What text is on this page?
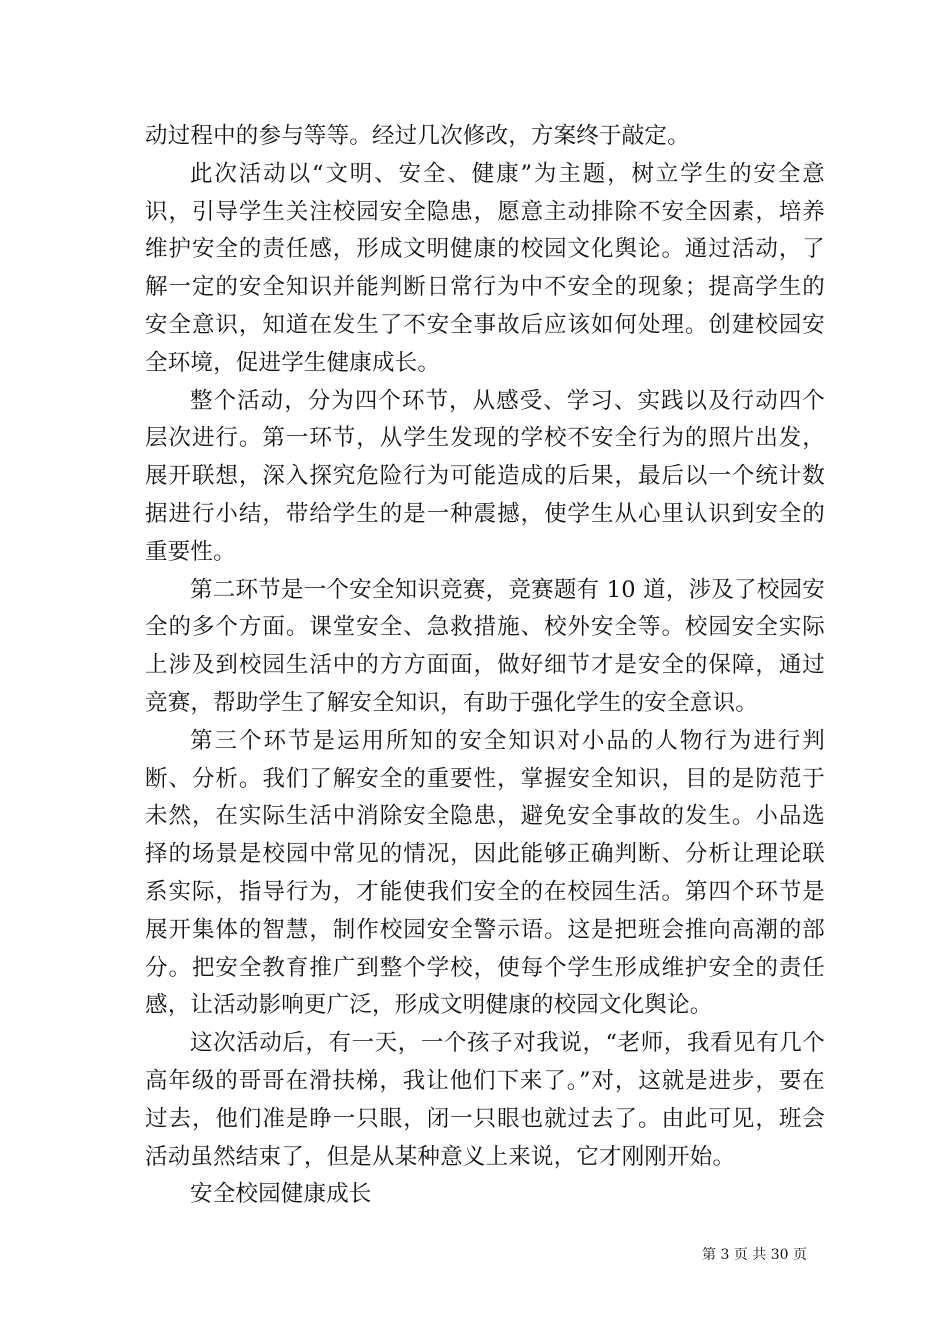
动过程中的参与等等。经过几次修改，方案终于敲定。

此次活动以“文明、安全、健康”为主题，树立学生的安全意识，引导学生关注校园安全隐患，愿意主动排除不安全因素，培养维护安全的责任感，形成文明健康的校园文化舆论。通过活动，了解一定的安全知识并能判断日常行为中不安全的现象；提高学生的安全意识，知道在发生了不安全事故后应该如何处理。创建校园安全环境，促进学生健康成长。

整个活动，分为四个环节，从感受、学习、实践以及行动四个层次进行。第一环节，从学生发现的学校不安全行为的照片出发，展开联想，深入探究危险行为可能造成的后果，最后以一个统计数据进行小结，带给学生的是一种震撼，使学生从心里认识到安全的重要性。

第二环节是一个安全知识竞赛，竞赛题有 10 道，涉及了校园安全的多个方面。课堂安全、急救措施、校外安全等。校园安全实际上涉及到校园生活中的方方面面，做好细节才是安全的保障，通过竞赛，帮助学生了解安全知识，有助于强化学生的安全意识。

第三个环节是运用所知的安全知识对小品的人物行为进行判断、分析。我们了解安全的重要性，掌握安全知识，目的是防范于未然，在实际生活中消除安全隐患，避免安全事故的发生。小品选择的场景是校园中常见的情况，因此能够正确判断、分析让理论联系实际，指导行为，才能使我们安全的在校园生活。第四个环节是展开集体的智慧，制作校园安全警示语。这是把班会推向高潮的部分。把安全教育推广到整个学校，使每个学生形成维护安全的责任感，让活动影响更广泛，形成文明健康的校园文化舆论。

这次活动后，有一天，一个孩子对我说，“老师，我看见有几个高年级的哥哥在滑扶梯，我让他们下来了。”对，这就是进步，要在过去，他们准是睁一只眼，闭一只眼也就过去了。由此可见，班会活动虽然结束了，但是从某种意义上来说，它才刚刚开始。

安全校园健康成长

第 3 页 共 30 页
